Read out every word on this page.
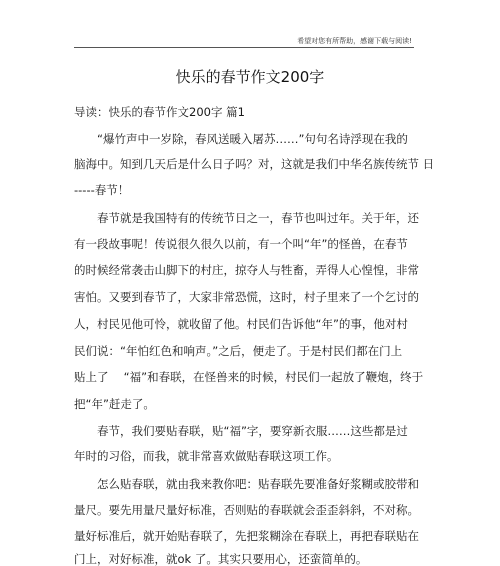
希望对您有所帮助，感谢下载与阅读!
快乐的春节作文200字
导读：快乐的春节作文200字 篇1
　　“爆竹声中一岁除，春风送暖入屠苏……”句句名诗浮现在我的
脑海中。知到几天后是什么日子吗？对，这就是我们中华名族传统节 日
-----春节！
　　春节就是我国特有的传统节日之一，春节也叫过年。关于年，还
有一段故事呢！传说很久很久以前，有一个叫“年”的怪兽，在春节
的时候经常袭击山脚下的村庄，掠夺人与牲畜，弄得人心惶惶，非常
害怕。又要到春节了，大家非常恐慌，这时，村子里来了一个乞讨的
人，村民见他可怜，就收留了他。村民们告诉他“年”的事，他对村
民们说：“年怕红色和响声。”之后，便走了。于是村民们都在门上
贴上了　 “福”和春联，在怪兽来的时候，村民们一起放了鞭炮，终于
把“年”赶走了。
　　春节，我们要贴春联，贴“福”字，要穿新衣服……这些都是过
年时的习俗，而我，就非常喜欢做贴春联这项工作。
　　怎么贴春联，就由我来教你吧：贴春联先要准备好浆糊或胶带和
量尺。要先用量尺量好标准，否则贴的春联就会歪歪斜斜，不对称。
量好标准后，就开始贴春联了，先把浆糊涂在春联上，再把春联贴在
门上，对好标准，就ok 了。其实只要用心，还蛮简单的。
